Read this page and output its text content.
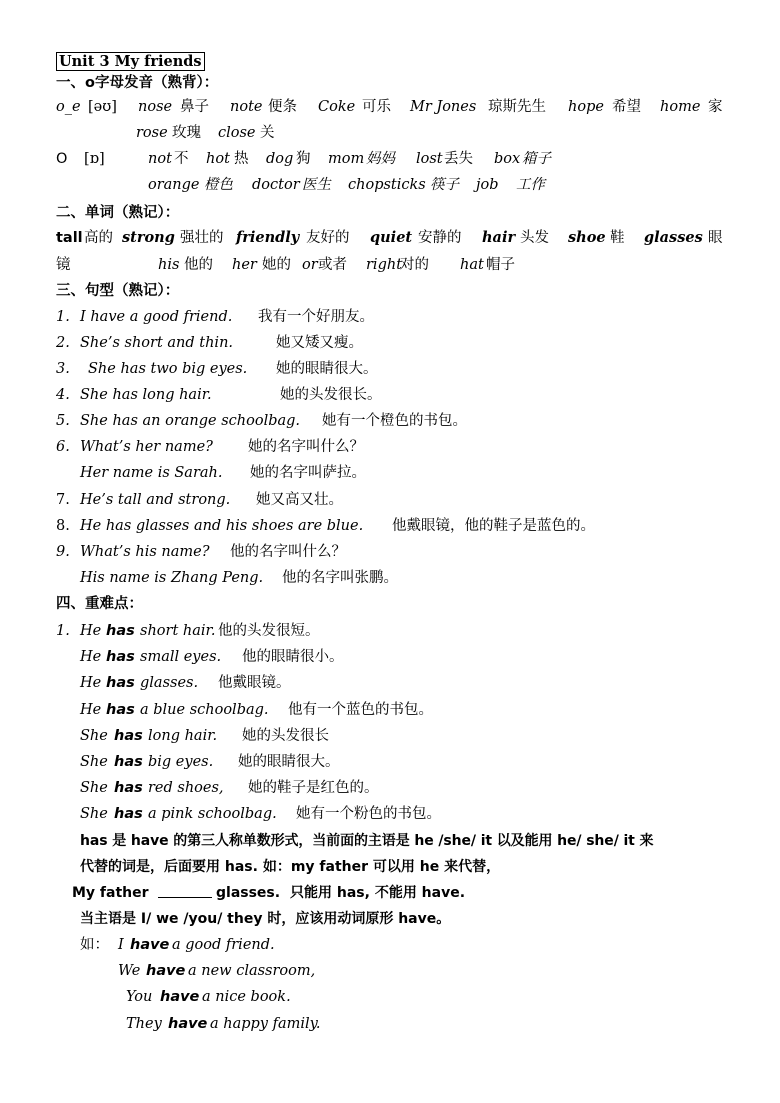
Unit 3 My friends
一、o字母发音（熟背）：
o_e [əʊ] nose 鼻子 note 便条 Coke 可乐 Mr Jones 琼斯先生 hope 希望 home 家
rose 玫瑰 close 关
O [ɒ]	not 不 hot 热 dog 狗 mom 妈妈 lost 丢失 box 箱子
orange 橙色 doctor 医生 chopsticks 筷子 job 工作
二、单词（熟记）：
tall 高的 strong 强壮的 friendly 友好的 quiet 安静的 hair 头发 shoe 鞋 glasses 眼
镜	his 他的 her 她的 or 或者 right
对的 hat 帽子
三、句型（熟记）：
1. I have a good friend. 我有一个好朋友。
2. She’s short and thin.	她又矮又瘦。
3. She has two big eyes. 她的眼睛很大。
4. She has long hair.	她的头发很长。
5. She has an orange schoolbag. 她有一个橙色的书包。
6. What’s her name? 她的名字叫什么？
Her name is Sarah. 她的名字叫萨拉。
7. He’s tall and strong. 她又高又壮。
8. He has glasses and his shoes are blue. 他戴眼镜，他的鞋子是蓝色的。
9. What’s his name? 他的名字叫什么？
His name is Zhang Peng. 他的名字叫张鹏。
四、重难点：
1. He has short hair. 他的头发很短。
He has small eyes. 他的眼睛很小。
He has glasses. 他戴眼镜。
He has a blue schoolbag. 他有一个蓝色的书包。
She has long hair. 她的头发很长
She has big eyes. 她的眼睛很大。
She has red shoes, 她的鞋子是红色的。
She has a pink schoolbag. 她有一个粉色的书包。
has 是 have 的第三人称单数形式，当前面的主语是 he /she/ it 以及能用 he/ she/ it 来
代替的词是，后面要用 has. 如：my father 可以用 he 来代替，
My father	glasses. 只能用 has, 不能用 have.
当主语是 I/ we /you/ they 时，应该用动词原形 have。
如： I have a good friend.
We have a new classroom,
You have a nice book.
They have a happy family.
